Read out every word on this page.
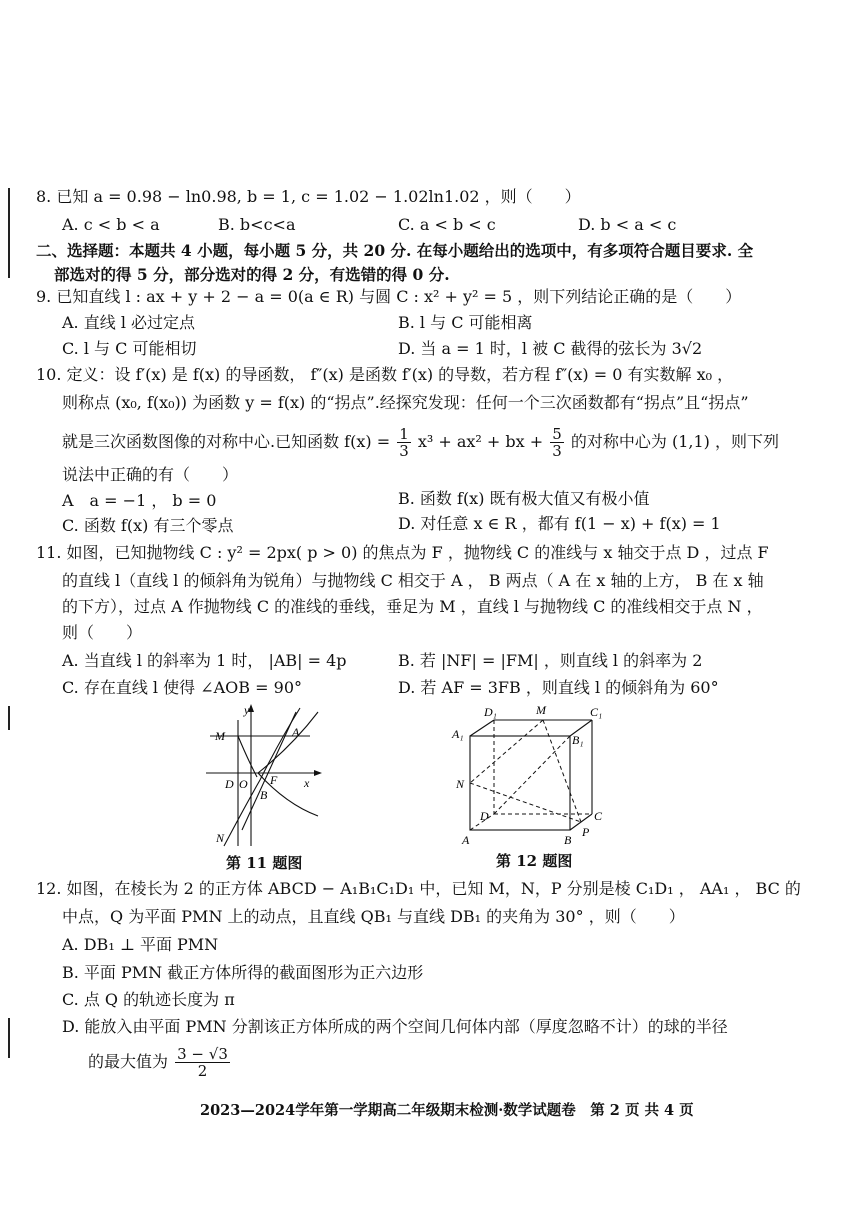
8. 已知 a = 0.98 − ln0.98, b = 1, c = 1.02 − 1.02ln1.02 ，则（　　）
A. c < b < a	B. b<c<a	C. a < b < c	D. b < a < c
二、选择题：本题共 4 小题，每小题 5 分，共 20 分. 在每小题给出的选项中，有多项符合题目要求. 全
部选对的得 5 分，部分选对的得 2 分，有选错的得 0 分.
9. 已知直线 l : ax + y + 2 − a = 0(a ∈ R) 与圆 C : x² + y² = 5 ，则下列结论正确的是（　　）
A. 直线 l 必过定点	B. l 与 C 可能相离
C. l 与 C 可能相切	D. 当 a = 1 时，l 被 C 截得的弦长为 3√2
10. 定义：设 f′(x) 是 f(x) 的导函数， f″(x) 是函数 f′(x) 的导数，若方程 f″(x) = 0 有实数解 x₀ ，
则称点 (x₀, f(x₀)) 为函数 y = f(x) 的“拐点”.经探究发现：任何一个三次函数都有“拐点”且“拐点”
就是三次函数图像的对称中心.已知函数 $f(x) = \frac{1}{3} x^3 + ax^2$ + bx + $\frac{5}{3}$ 的对称中心为 (1,1) ，则下列
说法中正确的有（　　）
A　a = −1 ， b = 0	B. 函数 f(x) 既有极大值又有极小值
C. 函数 f(x) 有三个零点	D. 对任意 x ∈ R ，都有 f(1 − x) + f(x) = 1
11. 如图，已知抛物线 C : y² = 2px( p > 0) 的焦点为 F ，抛物线 C 的准线与 x 轴交于点 D ，过点 F
的直线 l（直线 l 的倾斜角为锐角）与抛物线 C 相交于 A ， B 两点（ A 在 x 轴的上方， B 在 x 轴
的下方），过点 A 作抛物线 C 的准线的垂线，垂足为 M ，直线 l 与抛物线 C 的准线相交于点 N ，
则（　　）
A. 当直线 l 的斜率为 1 时， |AB| = 4p	B. 若 |NF| = |FM| ，则直线 l 的斜率为 2
C. 存在直线 l 使得 ∠AOB = 90°	D. 若 AF = 3FB ，则直线 l 的倾斜角为 60°
y
x
M	A
D O F
B
N
第 11 题图
D₁	M	C₁
A₁	B₁
N
D	C
P
A	B
第 12 题图
12. 如图，在棱长为 2 的正方体 ABCD − A₁B₁C₁D₁ 中，已知 M，N，P 分别是棱 C₁D₁ ， AA₁ ， BC 的
中点，Q 为平面 PMN 上的动点，且直线 QB₁ 与直线 DB₁ 的夹角为 30° ，则（　　）
A. DB₁ ⊥ 平面 PMN
B. 平面 PMN 截正方体所得的截面图形为正六边形
C. 点 Q 的轨迹长度为 π
D. 能放入由平面 PMN 分割该正方体所成的两个空间几何体内部（厚度忽略不计）的球的半径
的最大值为 $\frac{3 - √3}{2}$
2023—2024学年第一学期高二年级期末检测·数学试题卷　第 2 页 共 4 页
